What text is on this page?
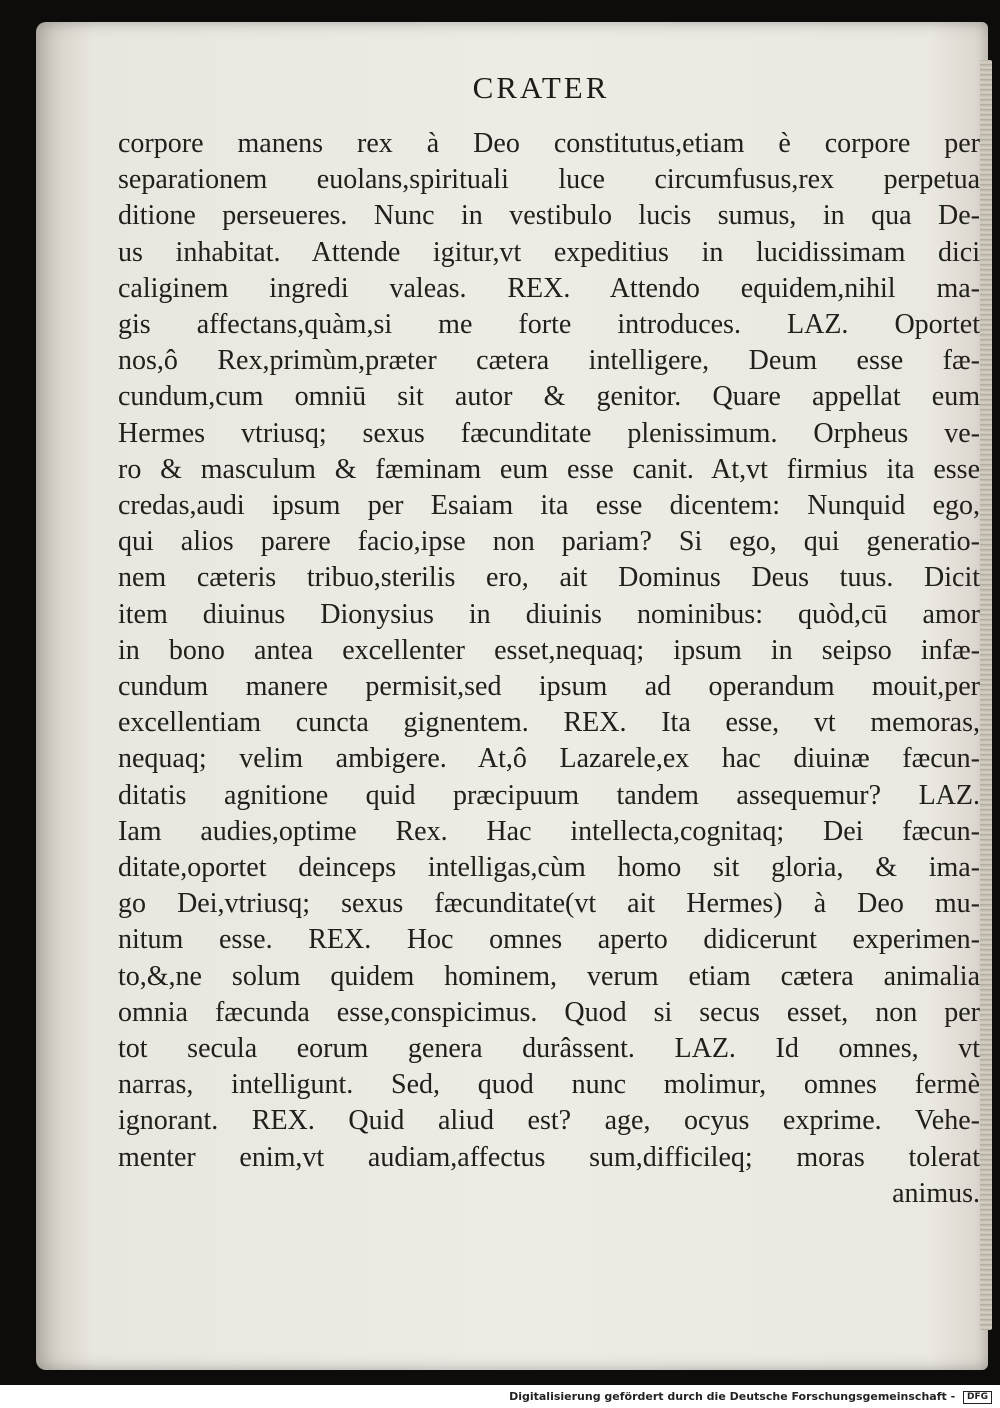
CRATER
corpore manens rex à Deo constitutus,etiam è corpore per
separationem euolans,spirituali luce circumfusus,rex perpetua
ditione perseueres. Nunc in vestibulo lucis sumus, in qua De-
us inhabitat. Attende igitur,vt expeditius in lucidissimam dici
caliginem ingredi valeas. REX. Attendo equidem,nihil ma-
gis affectans,quàm,si me forte introduces. LAZ. Oportet
nos,ô Rex,primùm,præter cætera intelligere, Deum esse fæ-
cundum,cum omniū sit autor & genitor. Quare appellat eum
Hermes vtriusq; sexus fæcunditate plenissimum. Orpheus ve-
ro & masculum & fæminam eum esse canit. At,vt firmius ita esse
credas,audi ipsum per Esaiam ita esse dicentem: Nunquid ego,
qui alios parere facio,ipse non pariam? Si ego, qui generatio-
nem cæteris tribuo,sterilis ero, ait Dominus Deus tuus. Dicit
item diuinus Dionysius in diuinis nominibus: quòd,cū amor
in bono antea excellenter esset,nequaq; ipsum in seipso infæ-
cundum manere permisit,sed ipsum ad operandum mouit,per
excellentiam cuncta gignentem. REX. Ita esse, vt memoras,
nequaq; velim ambigere. At,ô Lazarele,ex hac diuinæ fæcun-
ditatis agnitione quid præcipuum tandem assequemur? LAZ.
Iam audies,optime Rex. Hac intellecta,cognitaq; Dei fæcun-
ditate,oportet deinceps intelligas,cùm homo sit gloria, & ima-
go Dei,vtriusq; sexus fæcunditate(vt ait Hermes) à Deo mu-
nitum esse. REX. Hoc omnes aperto didicerunt experimen-
to,&,ne solum quidem hominem, verum etiam cætera animalia
omnia fæcunda esse,conspicimus. Quod si secus esset, non per
tot secula eorum genera durâssent. LAZ. Id omnes, vt
narras, intelligunt. Sed, quod nunc molimur, omnes fermè
ignorant. REX. Quid aliud est? age, ocyus exprime. Vehe-
menter enim,vt audiam,affectus sum,difficileq; moras tolerat
animus.
Digitalisierung gefördert durch die Deutsche Forschungsgemeinschaft - DFG
